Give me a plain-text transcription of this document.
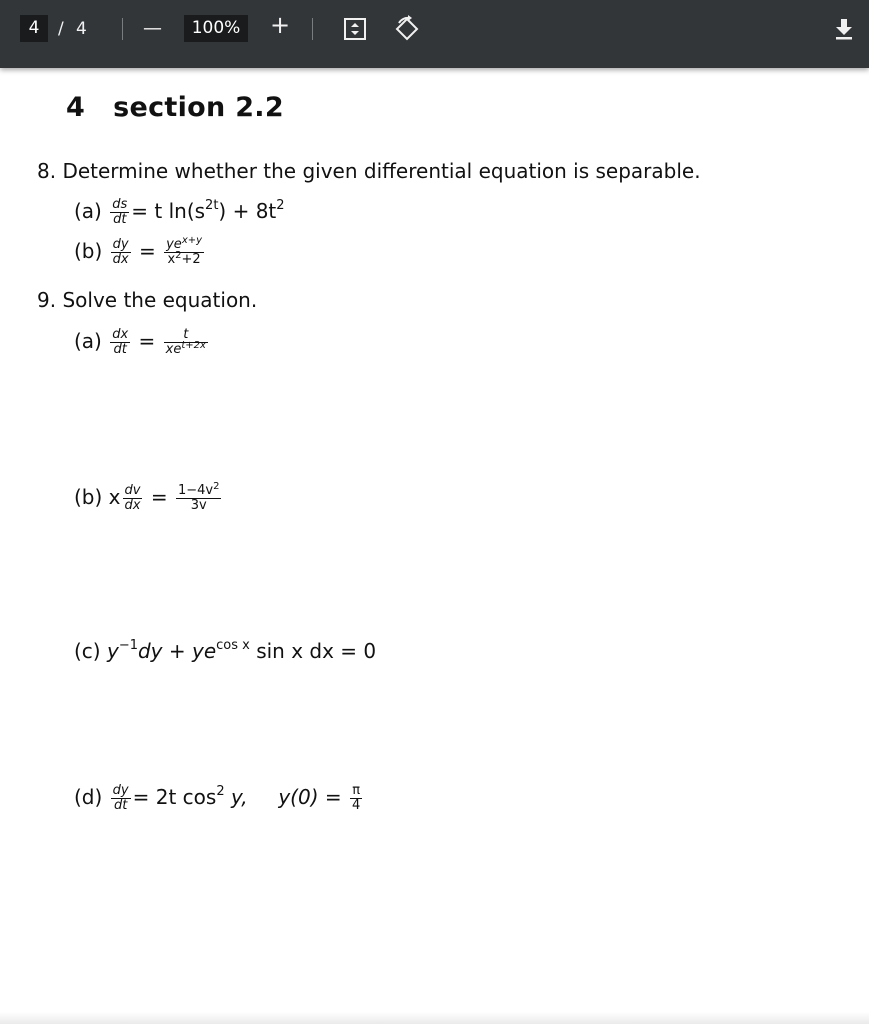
4	/ 4	—	100%	+
4 section 2.2
8. Determine whether the given differential equation is separable.
$(a) \frac{ds}{dt} = t$ $\ln(s^{2t}) + 8t^2$
$(b) \frac{dy}{dx} = \frac{ye^{x+y}}{x^2+2}$
9. Solve the equation.
$(a) \frac{dx}{dt} = \frac{t}{xe^{t+2x}}$
(b) x $\frac{dv}{dx} = \frac{1-4v^2}{3v}$
(c) $y^{-1}dy + ye^{cos x}$ sin x dx = 0
$(d) \frac{dy}{dt} = 2t$ $\cos^2 y$, $y(0) = \frac{\pi}{4}$
